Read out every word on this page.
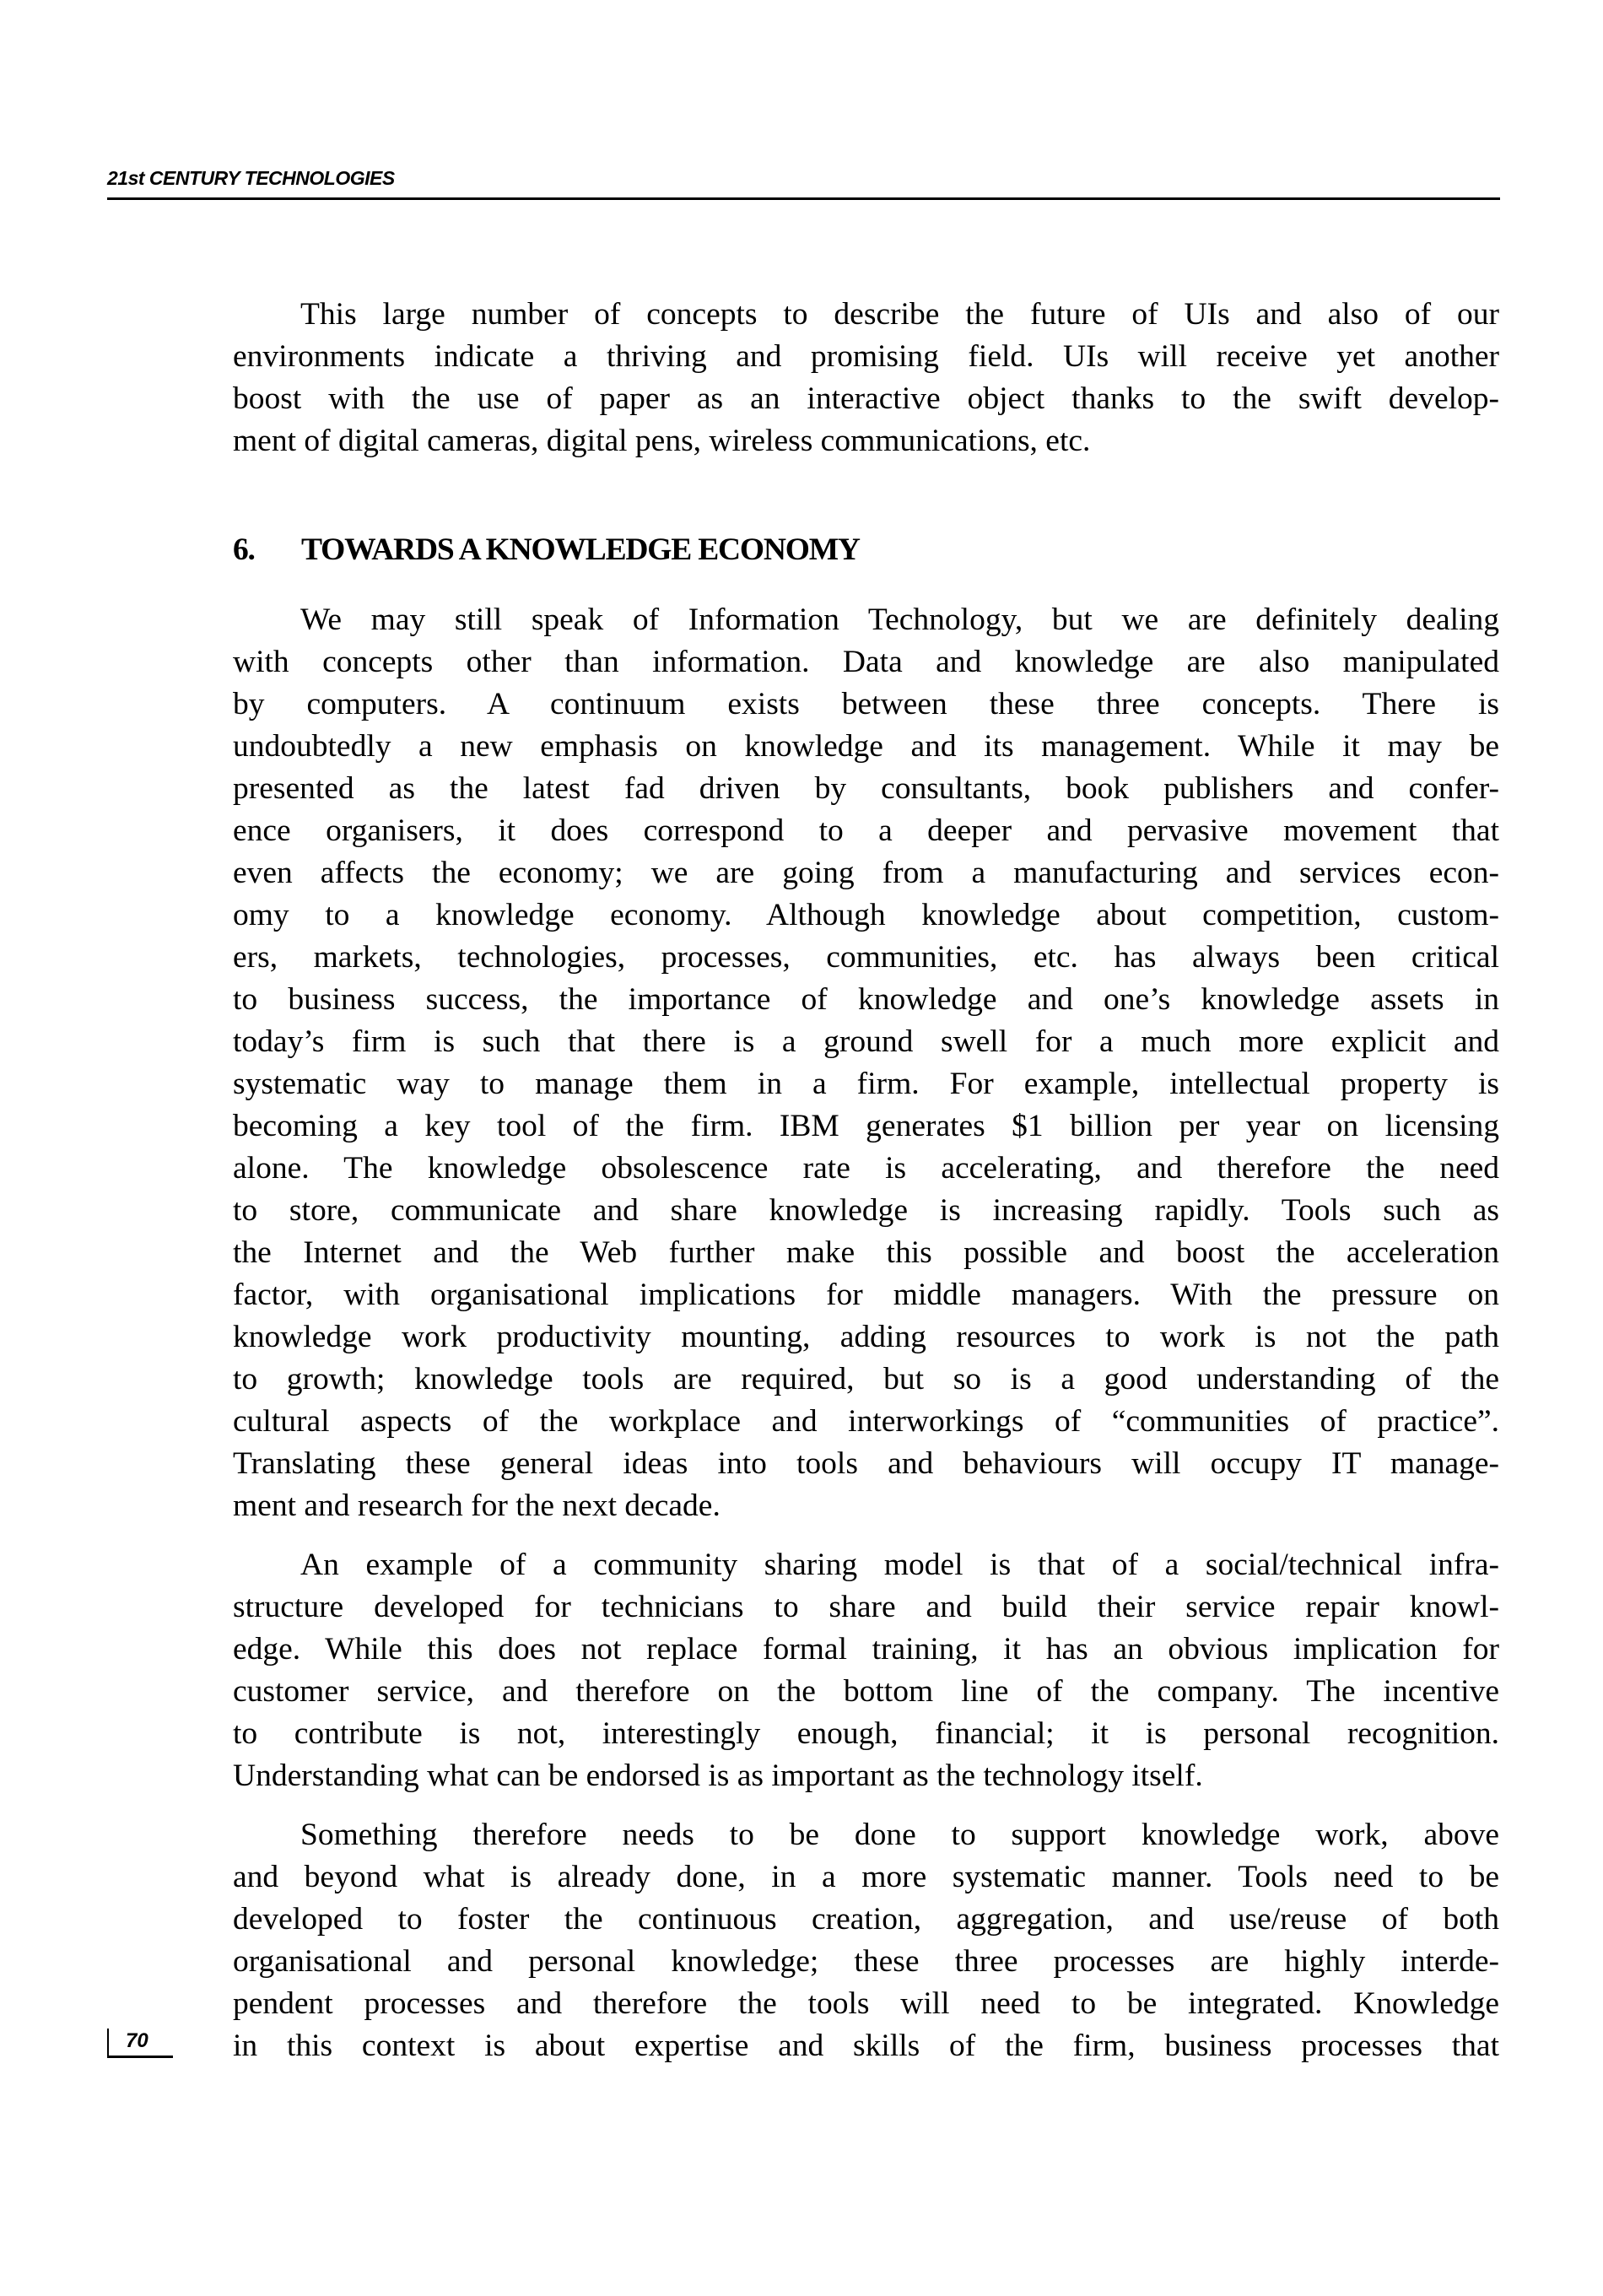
21st CENTURY TECHNOLOGIES

This large number of concepts to describe the future of UIs and also of our
environments indicate a thriving and promising field. UIs will receive yet another
boost with the use of paper as an interactive object thanks to the swift develop-
ment of digital cameras, digital pens, wireless communications, etc.

6. TOWARDS A KNOWLEDGE ECONOMY

We may still speak of Information Technology, but we are definitely dealing
with concepts other than information. Data and knowledge are also manipulated
by computers. A continuum exists between these three concepts. There is
undoubtedly a new emphasis on knowledge and its management. While it may be
presented as the latest fad driven by consultants, book publishers and confer-
ence organisers, it does correspond to a deeper and pervasive movement that
even affects the economy; we are going from a manufacturing and services econ-
omy to a knowledge economy. Although knowledge about competition, custom-
ers, markets, technologies, processes, communities, etc. has always been critical
to business success, the importance of knowledge and one’s knowledge assets in
today’s firm is such that there is a ground swell for a much more explicit and
systematic way to manage them in a firm. For example, intellectual property is
becoming a key tool of the firm. IBM generates $1 billion per year on licensing
alone. The knowledge obsolescence rate is accelerating, and therefore the need
to store, communicate and share knowledge is increasing rapidly. Tools such as
the Internet and the Web further make this possible and boost the acceleration
factor, with organisational implications for middle managers. With the pressure on
knowledge work productivity mounting, adding resources to work is not the path
to growth; knowledge tools are required, but so is a good understanding of the
cultural aspects of the workplace and interworkings of “communities of practice”.
Translating these general ideas into tools and behaviours will occupy IT manage-
ment and research for the next decade.

An example of a community sharing model is that of a social/technical infra-
structure developed for technicians to share and build their service repair knowl-
edge. While this does not replace formal training, it has an obvious implication for
customer service, and therefore on the bottom line of the company. The incentive
to contribute is not, interestingly enough, financial; it is personal recognition.
Understanding what can be endorsed is as important as the technology itself.

Something therefore needs to be done to support knowledge work, above
and beyond what is already done, in a more systematic manner. Tools need to be
developed to foster the continuous creation, aggregation, and use/reuse of both
organisational and personal knowledge; these three processes are highly interde-
pendent processes and therefore the tools will need to be integrated. Knowledge
in this context is about expertise and skills of the firm, business processes that

70
